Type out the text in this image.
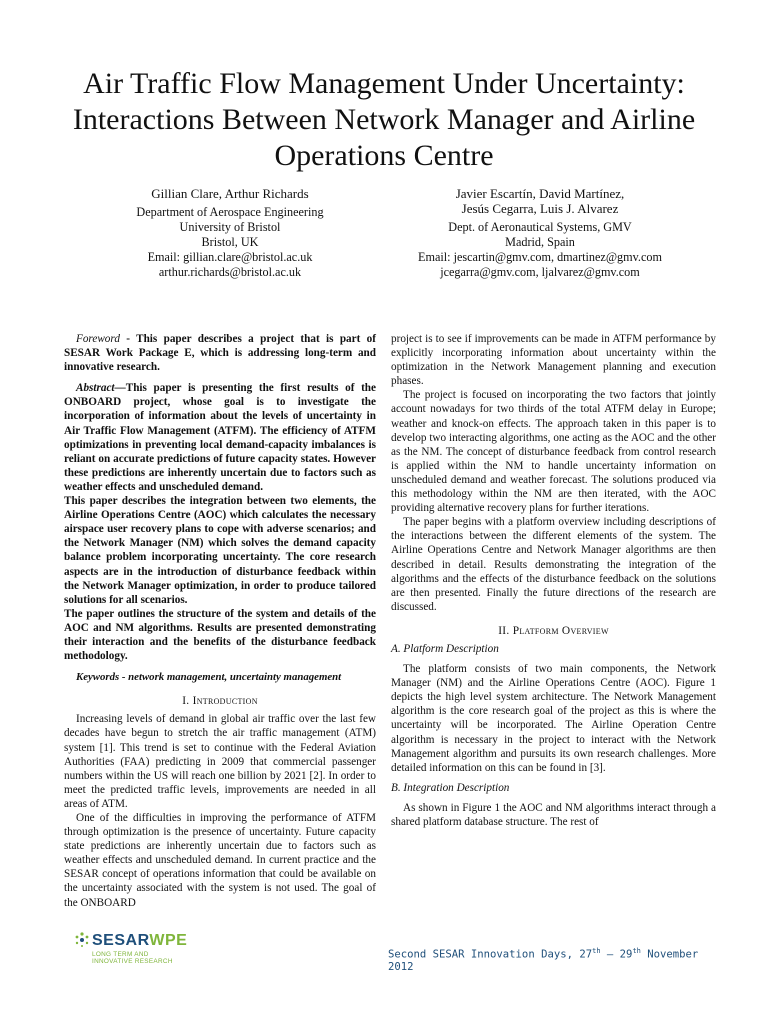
Air Traffic Flow Management Under Uncertainty:
Interactions Between Network Manager and Airline
Operations Centre
Gillian Clare, Arthur Richards
Department of Aerospace Engineering
University of Bristol
Bristol, UK
Email: gillian.clare@bristol.ac.uk
arthur.richards@bristol.ac.uk
Javier Escartín, David Martínez,
Jesús Cegarra, Luis J. Alvarez
Dept. of Aeronautical Systems, GMV
Madrid, Spain
Email: jescartin@gmv.com, dmartinez@gmv.com
jcegarra@gmv.com, ljalvarez@gmv.com

Foreword - This paper describes a project that is part of SESAR Work Package E, which is addressing long-term and innovative research.

Abstract—This paper is presenting the first results of the ONBOARD project, whose goal is to investigate the incorporation of information about the levels of uncertainty in Air Traffic Flow Management (ATFM). The efficiency of ATFM optimizations in preventing local demand-capacity imbalances is reliant on accurate predictions of future capacity states. However these predictions are inherently uncertain due to factors such as weather effects and unscheduled demand.

This paper describes the integration between two elements, the Airline Operations Centre (AOC) which calculates the necessary airspace user recovery plans to cope with adverse scenarios; and the Network Manager (NM) which solves the demand capacity balance problem incorporating uncertainty. The core research aspects are in the introduction of disturbance feedback within the Network Manager optimization, in order to produce tailored solutions for all scenarios.

The paper outlines the structure of the system and details of the AOC and NM algorithms. Results are presented demonstrating their interaction and the benefits of the disturbance feedback methodology.

Keywords - network management, uncertainty management

I. Introduction

Increasing levels of demand in global air traffic over the last few decades have begun to stretch the air traffic management (ATM) system [1]. This trend is set to continue with the Federal Aviation Authorities (FAA) predicting in 2009 that commercial passenger numbers within the US will reach one billion by 2021 [2]. In order to meet the predicted traffic levels, improvements are needed in all areas of ATM.

One of the difficulties in improving the performance of ATFM through optimization is the presence of uncertainty. Future capacity state predictions are inherently uncertain due to factors such as weather effects and unscheduled demand. In current practice and the SESAR concept of operations information that could be available on the uncertainty associated with the system is not used. The goal of the ONBOARD

project is to see if improvements can be made in ATFM performance by explicitly incorporating information about uncertainty within the optimization in the Network Management planning and execution phases.

The project is focused on incorporating the two factors that jointly account nowadays for two thirds of the total ATFM delay in Europe; weather and knock-on effects. The approach taken in this paper is to develop two interacting algorithms, one acting as the AOC and the other as the NM. The concept of disturbance feedback from control research is applied within the NM to handle uncertainty information on unscheduled demand and weather forecast. The solutions produced via this methodology within the NM are then iterated, with the AOC providing alternative recovery plans for further iterations.

The paper begins with a platform overview including descriptions of the interactions between the different elements of the system. The Airline Operations Centre and Network Manager algorithms are then described in detail. Results demonstrating the integration of the algorithms and the effects of the disturbance feedback on the solutions are then presented. Finally the future directions of the research are discussed.

II. Platform Overview
A. Platform Description

The platform consists of two main components, the Network Manager (NM) and the Airline Operations Centre (AOC). Figure 1 depicts the high level system architecture. The Network Management algorithm is the core research goal of the project as this is where the uncertainty will be incorporated. The Airline Operation Centre algorithm is necessary in the project to interact with the Network Management algorithm and pursuits its own research challenges. More detailed information on this can be found in [3].

B. Integration Description

As shown in Figure 1 the AOC and NM algorithms interact through a shared platform database structure. The rest of

SESARWPE
LONG TERM AND
INNOVATIVE RESEARCH
Second SESAR Innovation Days, 27th – 29th November 2012
